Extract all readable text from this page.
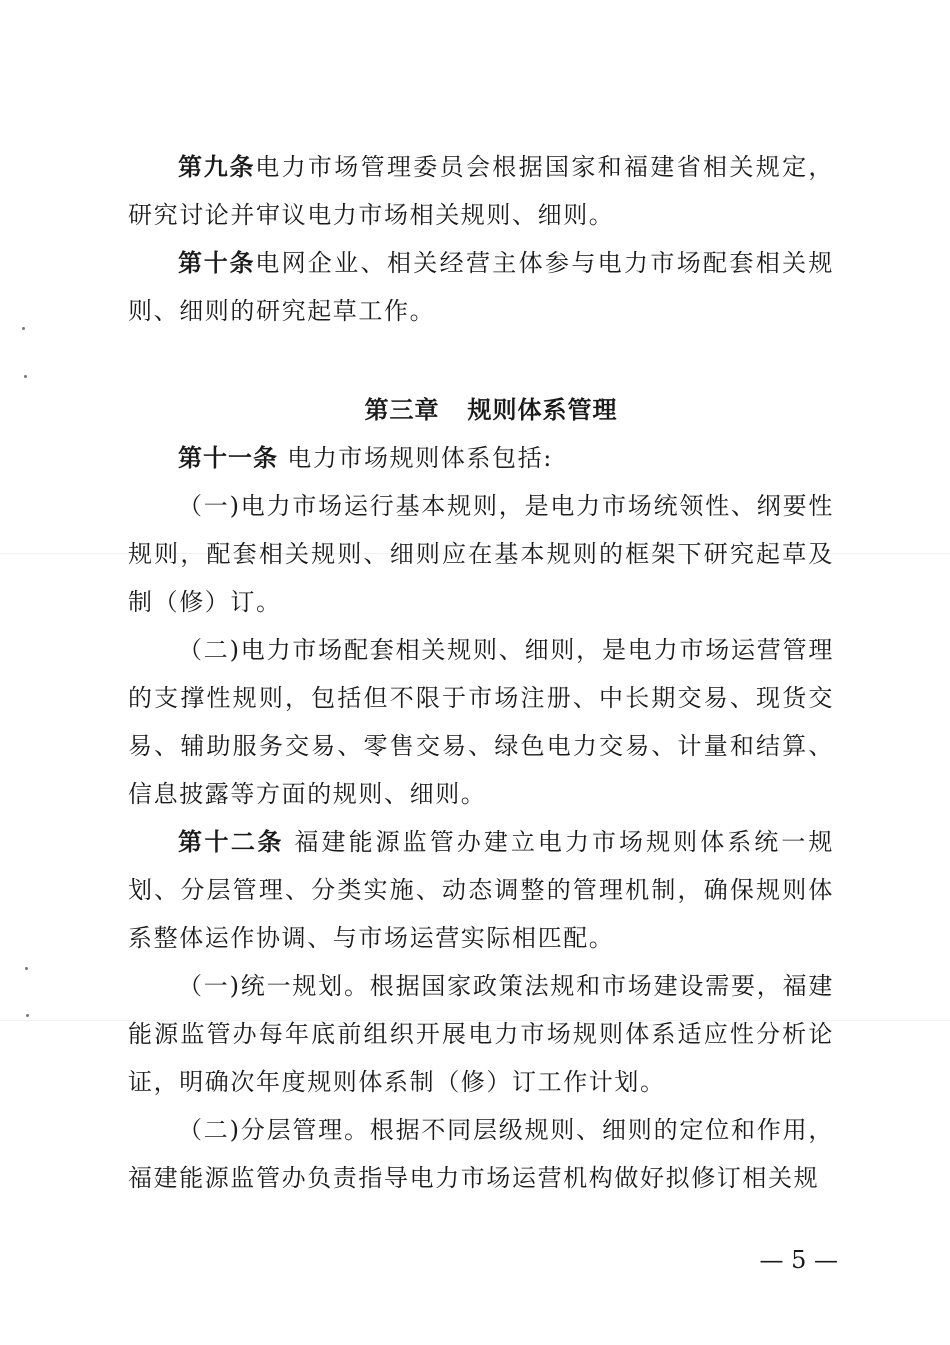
第九条电力市场管理委员会根据国家和福建省相关规定，研究讨论并审议电力市场相关规则、细则。

第十条电网企业、相关经营主体参与电力市场配套相关规则、细则的研究起草工作。

第三章 规则体系管理

第十一条 电力市场规则体系包括:

（一)电力市场运行基本规则，是电力市场统领性、纲要性规则，配套相关规则、细则应在基本规则的框架下研究起草及制（修）订。

（二)电力市场配套相关规则、细则，是电力市场运营管理的支撑性规则，包括但不限于市场注册、中长期交易、现货交易、辅助服务交易、零售交易、绿色电力交易、计量和结算、信息披露等方面的规则、细则。

第十二条 福建能源监管办建立电力市场规则体系统一规划、分层管理、分类实施、动态调整的管理机制，确保规则体系整体运作协调、与市场运营实际相匹配。

（一)统一规划。根据国家政策法规和市场建设需要，福建能源监管办每年底前组织开展电力市场规则体系适应性分析论证，明确次年度规则体系制（修）订工作计划。

（二)分层管理。根据不同层级规则、细则的定位和作用，福建能源监管办负责指导电力市场运营机构做好拟修订相关规

— 5 —
